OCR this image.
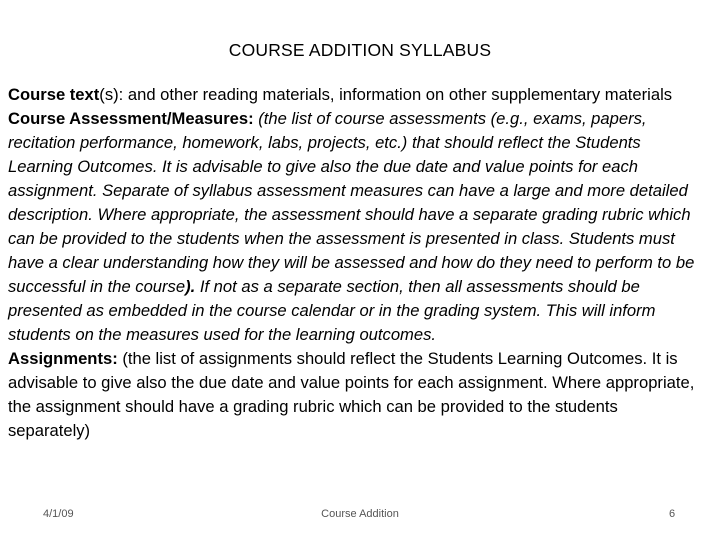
COURSE ADDITION SYLLABUS

Course text(s): and other reading materials, information on other supplementary materials

Course Assessment/Measures: (the list of course assessments (e.g., exams, papers, recitation performance, homework, labs, projects, etc.) that should reflect the Students Learning Outcomes. It is advisable to give also the due date and value points for each assignment. Separate of syllabus assessment measures can have a large and more detailed description. Where appropriate, the assessment should have a separate grading rubric which can be provided to the students when the assessment is presented in class. Students must have a clear understanding how they will be assessed and how do they need to perform to be successful in the course). If not as a separate section, then all assessments should be presented as embedded in the course calendar or in the grading system. This will inform students on the measures used for the learning outcomes.

Assignments: (the list of assignments should reflect the Students Learning Outcomes. It is advisable to give also the due date and value points for each assignment. Where appropriate, the assignment should have a grading rubric which can be provided to the students separately)

4/1/09	Course Addition	6
